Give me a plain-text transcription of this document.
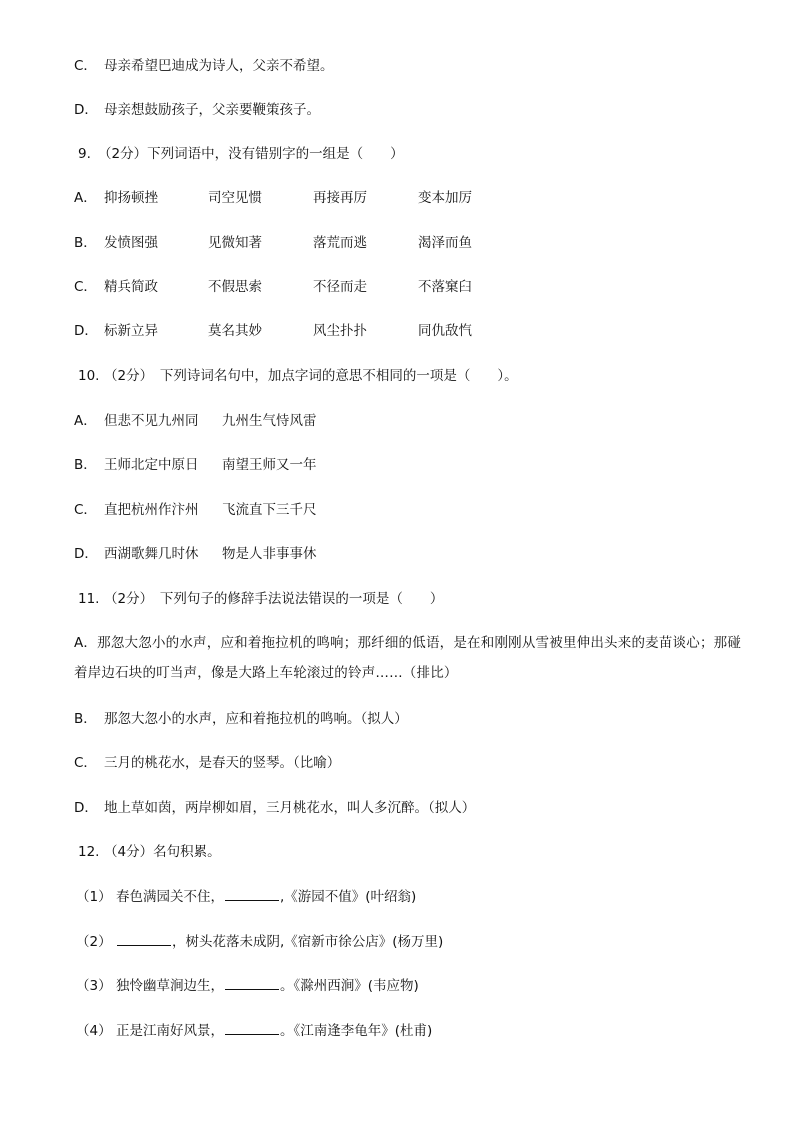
C． 母亲希望巴迪成为诗人，父亲不希望。
D． 母亲想鼓励孩子，父亲要鞭策孩子。
9. （2分）下列词语中，没有错别字的一组是（　　）
A． 抑扬顿挫	司空见惯	再接再厉	变本加厉
B． 发愤图强	见微知著	落荒而逃	渴泽而鱼
C． 精兵简政	不假思索	不径而走	不落窠臼
D． 标新立异	莫名其妙	风尘扑扑	同仇敌忾
10. （2分）　下列诗词名句中，加点字词的意思不相同的一项是（　　）。
A． 但悲不见九州同 九州生气恃风雷
B． 王师北定中原日 南望王师又一年
C． 直把杭州作汴州 飞流直下三千尺
D． 西湖歌舞几时休 物是人非事事休
11. （2分）　下列句子的修辞手法说法错误的一项是（　　）
A．那忽大忽小的水声，应和着拖拉机的鸣响；那纤细的低语，是在和刚刚从雪被里伸出头来的麦苗谈心；那碰着岸边石块的叮当声，像是大路上车轮滚过的铃声……（排比）
B． 那忽大忽小的水声，应和着拖拉机的鸣响。（拟人）
C． 三月的桃花水，是春天的竖琴。（比喻）
D． 地上草如茵，两岸柳如眉，三月桃花水，叫人多沉醉。（拟人）
12. （4分）名句积累。
（1） 春色满园关不住，	,《游园不值》(叶绍翁)
（2）	，树头花落未成阴,《宿新市徐公店》(杨万里)
（3） 独怜幽草涧边生，	。《滁州西涧》(韦应物)
（4） 正是江南好风景，	。《江南逢李龟年》(杜甫)
